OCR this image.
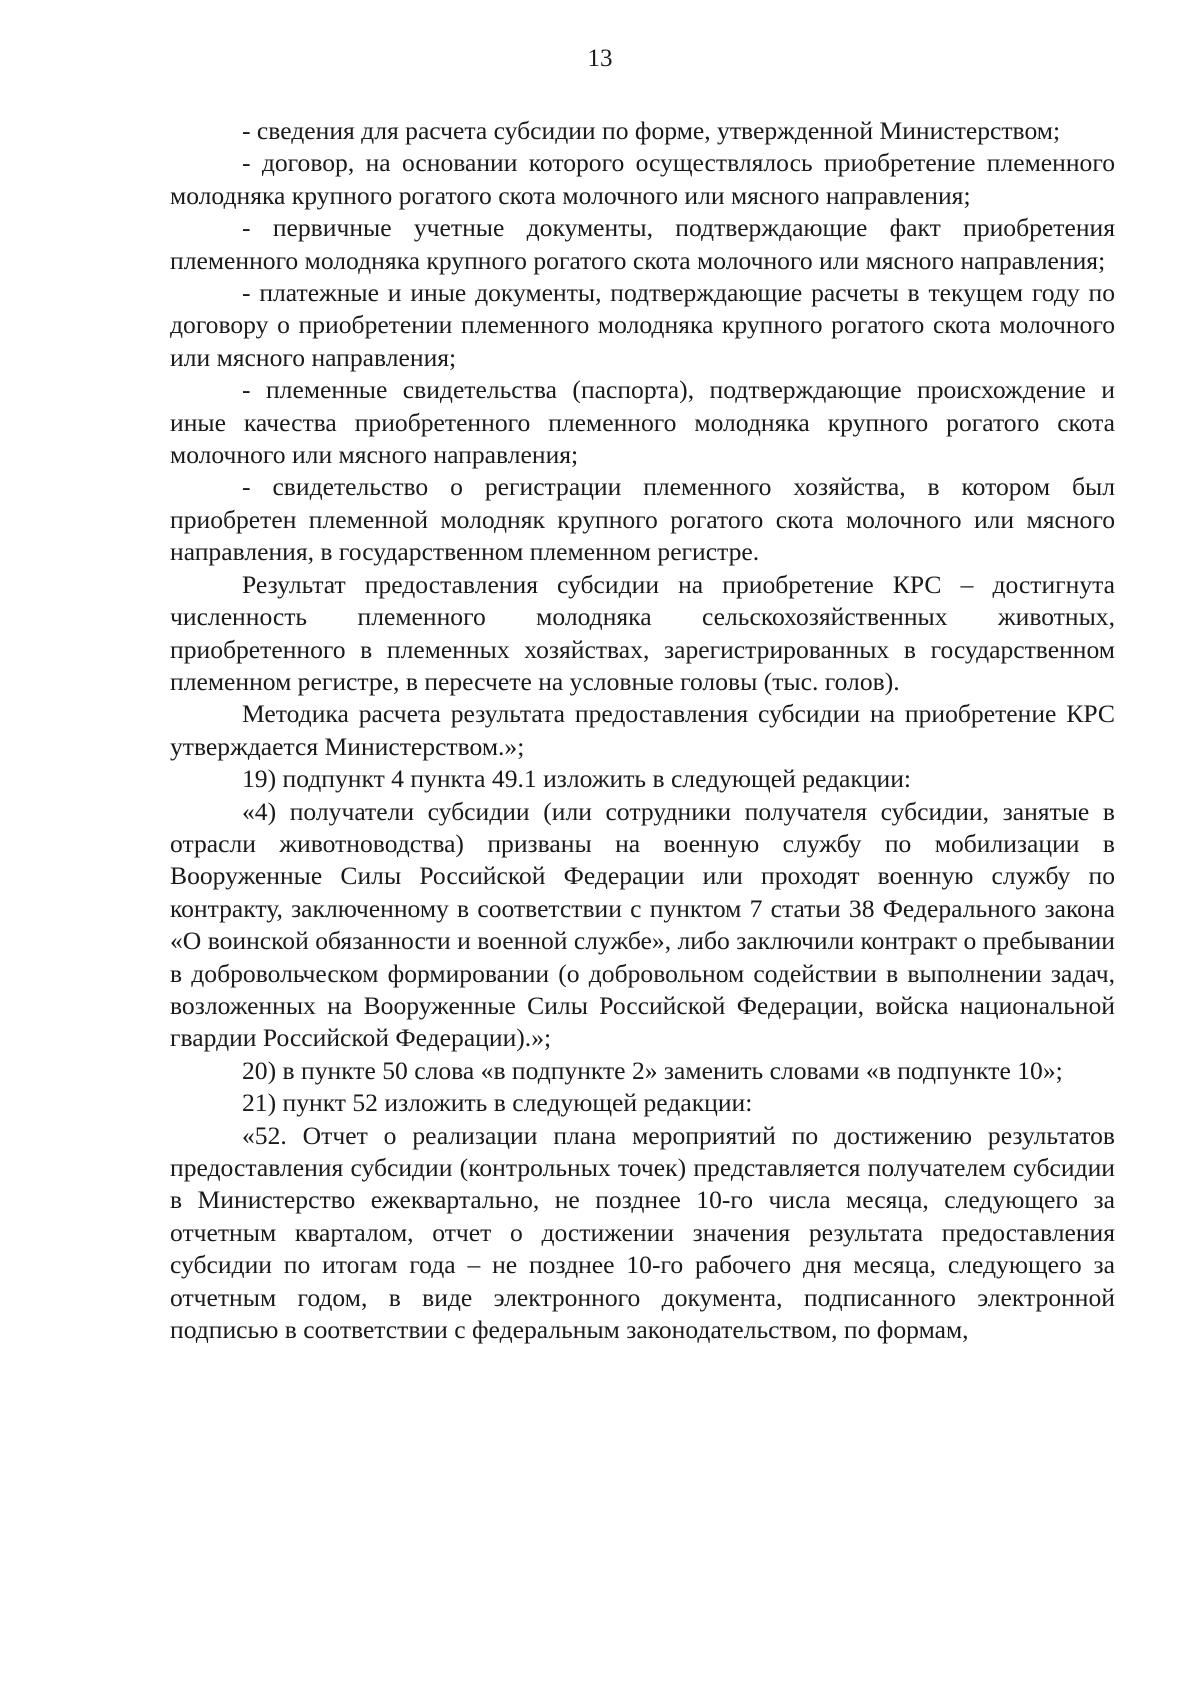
13

- сведения для расчета субсидии по форме, утвержденной Министерством;

- договор, на основании которого осуществлялось приобретение племенного молодняка крупного рогатого скота молочного или мясного направления;

- первичные учетные документы, подтверждающие факт приобретения племенного молодняка крупного рогатого скота молочного или мясного направления;

- платежные и иные документы, подтверждающие расчеты в текущем году по договору о приобретении племенного молодняка крупного рогатого скота молочного или мясного направления;

- племенные свидетельства (паспорта), подтверждающие происхождение и иные качества приобретенного племенного молодняка крупного рогатого скота молочного или мясного направления;

- свидетельство о регистрации племенного хозяйства, в котором был приобретен племенной молодняк крупного рогатого скота молочного или мясного направления, в государственном племенном регистре.

Результат предоставления субсидии на приобретение КРС – достигнута численность племенного молодняка сельскохозяйственных животных, приобретенного в племенных хозяйствах, зарегистрированных в государственном племенном регистре, в пересчете на условные головы (тыс. голов).

Методика расчета результата предоставления субсидии на приобретение КРС утверждается Министерством.»;

19) подпункт 4 пункта 49.1 изложить в следующей редакции:

«4) получатели субсидии (или сотрудники получателя субсидии, занятые в отрасли животноводства) призваны на военную службу по мобилизации в Вооруженные Силы Российской Федерации или проходят военную службу по контракту, заключенному в соответствии с пунктом 7 статьи 38 Федерального закона «О воинской обязанности и военной службе», либо заключили контракт о пребывании в добровольческом формировании (о добровольном содействии в выполнении задач, возложенных на Вооруженные Силы Российской Федерации, войска национальной гвардии Российской Федерации).»;

20) в пункте 50 слова «в подпункте 2» заменить словами «в подпункте 10»;

21) пункт 52 изложить в следующей редакции:

«52. Отчет о реализации плана мероприятий по достижению результатов предоставления субсидии (контрольных точек) представляется получателем субсидии в Министерство ежеквартально, не позднее 10-го числа месяца, следующего за отчетным кварталом, отчет о достижении значения результата предоставления субсидии по итогам года – не позднее 10-го рабочего дня месяца, следующего за отчетным годом, в виде электронного документа, подписанного электронной подписью в соответствии с федеральным законодательством, по формам,
